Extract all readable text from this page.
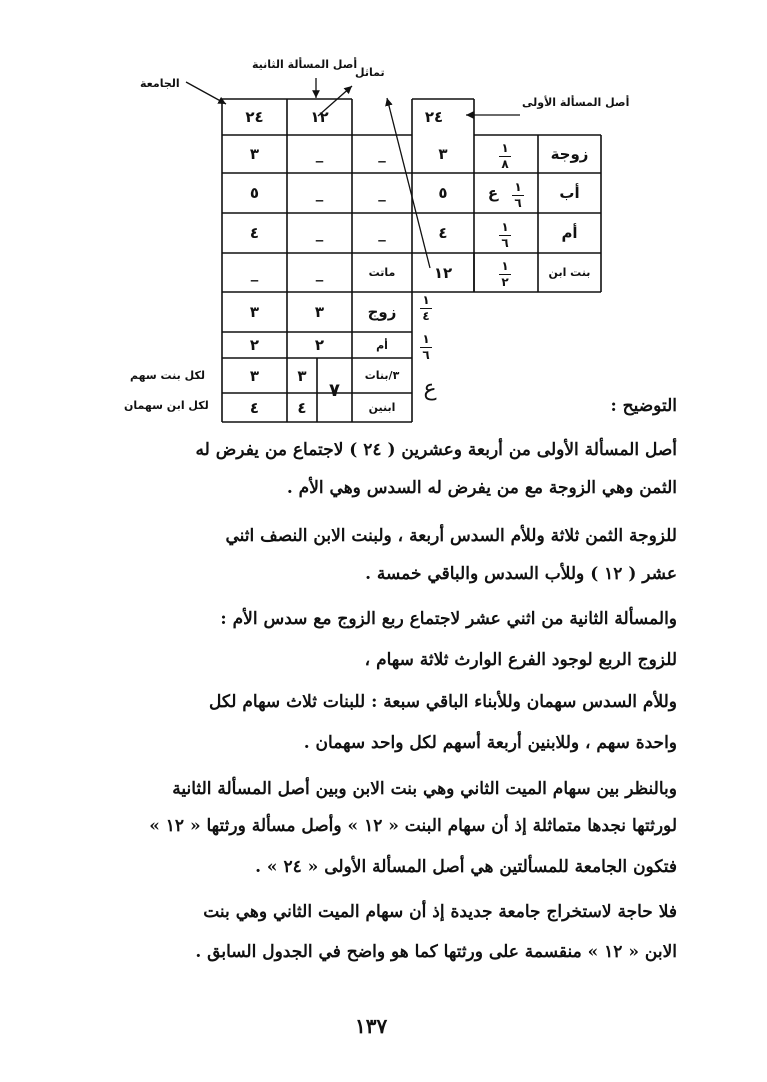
الجامعة
أصل المسألة الثانية
تماثل
أصل المسألة الأولى
٢٤
زوجة
أب
أم
بنت ابن
١
٨
١
٦
ع
١
٦
١
٢
٣
٥
٤
١٢
ماتت
٢٤	١٢
_
_
٣
_
_
٥
_
_
٤
_
_
زوج
٣
٣
أم
٢
٢
٣/بنات
٣
٣
ابنين
٤
٤
٧
١
٤
١
٦
ع
لكل بنت سهم
لكل ابن سهمان	التوضيح :
أصل المسألة الأولى من أربعة وعشرين ( ٢٤ ) لاجتماع من يفرض له
الثمن وهي الزوجة مع من يفرض له السدس وهي الأم .
للزوجة الثمن ثلاثة وللأم السدس أربعة ، ولبنت الابن النصف اثني
عشر ( ١٢ ) وللأب السدس والباقي خمسة .
والمسألة الثانية من اثني عشر لاجتماع ربع الزوج مع سدس الأم :
للزوج الربع لوجود الفرع الوارث ثلاثة سهام ،
وللأم السدس سهمان وللأبناء الباقي سبعة : للبنات ثلاث سهام لكل
واحدة سهم ، وللابنين أربعة أسهم لكل واحد سهمان .
وبالنظر بين سهام الميت الثاني وهي بنت الابن وبين أصل المسألة الثانية
لورثتها نجدها متماثلة إذ أن سهام البنت « ١٢ » وأصل مسألة ورثتها « ١٢ »
فتكون الجامعة للمسألتين هي أصل المسألة الأولى « ٢٤ » .
فلا حاجة لاستخراج جامعة جديدة إذ أن سهام الميت الثاني وهي بنت
الابن « ١٢ » منقسمة على ورثتها كما هو واضح في الجدول السابق .
١٣٧
